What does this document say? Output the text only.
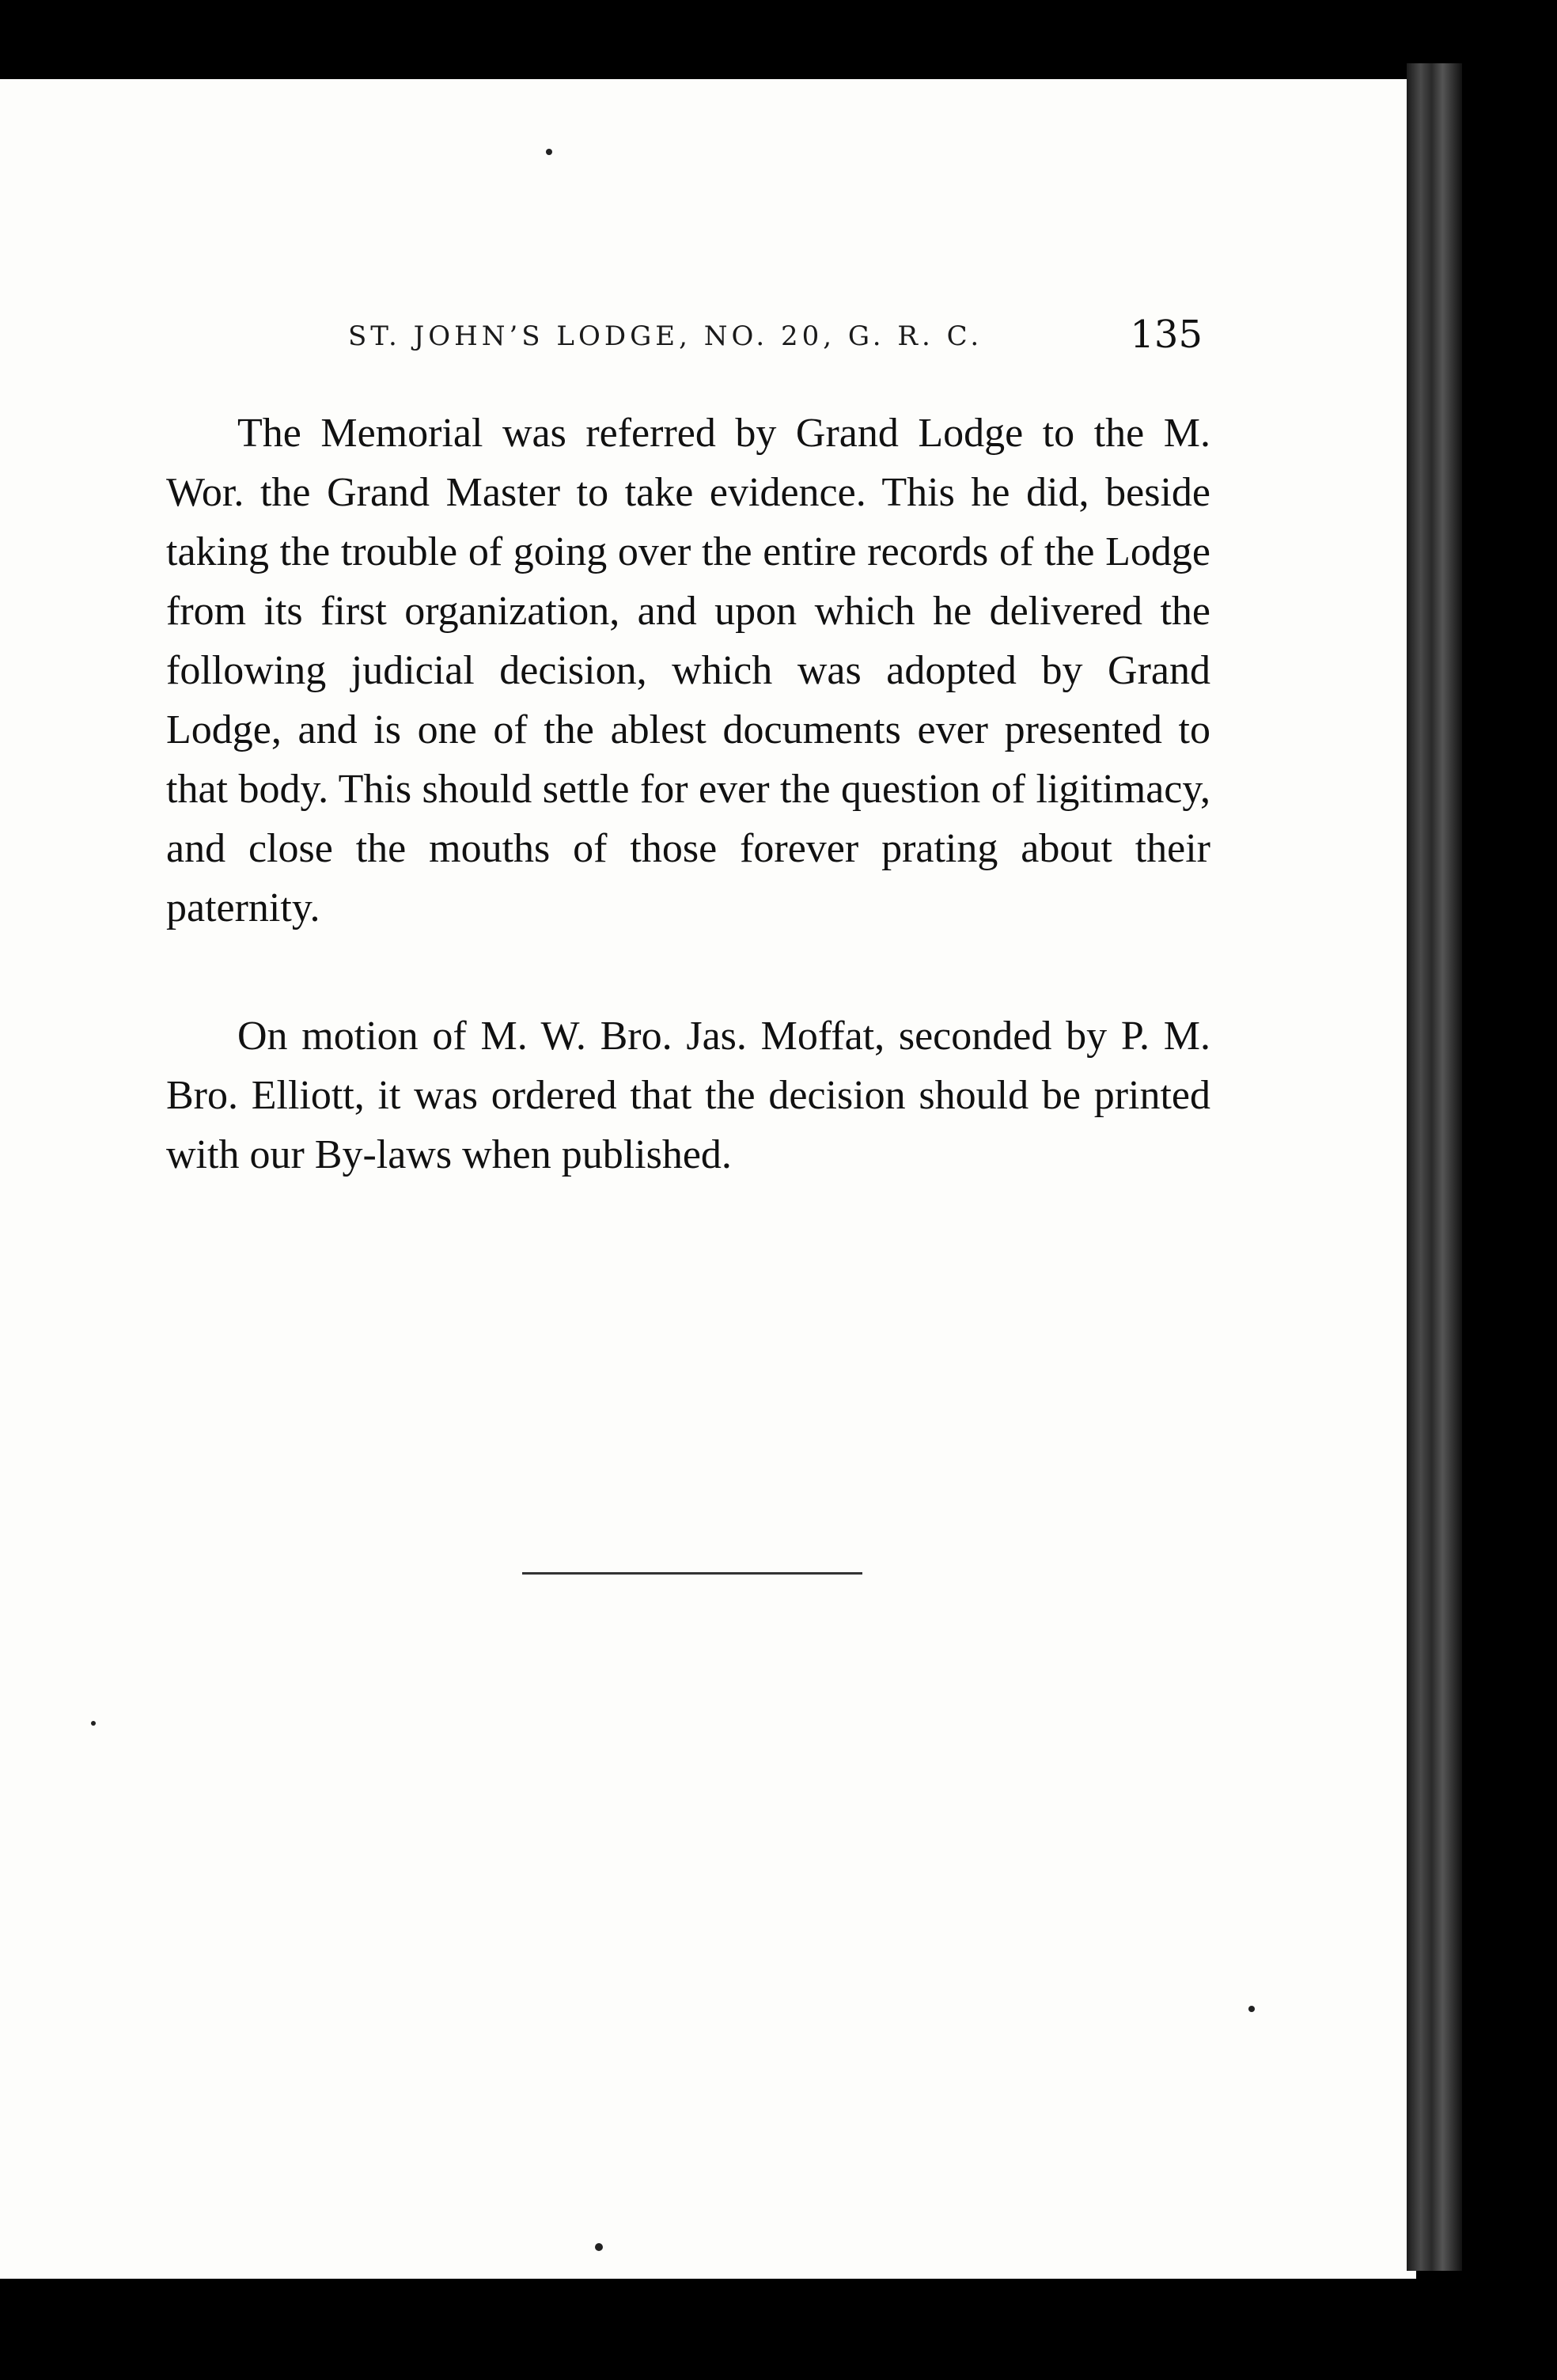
ST. JOHN’S LODGE, NO. 20, G. R. C.	135

The Memorial was referred by Grand Lodge to the M. Wor. the Grand Master to take evidence. This he did, beside taking the trouble of going over the entire records of the Lodge from its first organization, and upon which he delivered the following judicial decision, which was adopted by Grand Lodge, and is one of the ablest documents ever presented to that body. This should settle for ever the question of ligitimacy, and close the mouths of those forever prating about their paternity.

On motion of M. W. Bro. Jas. Moffat, seconded by P. M. Bro. Elliott, it was ordered that the decision should be printed with our By-laws when published.
